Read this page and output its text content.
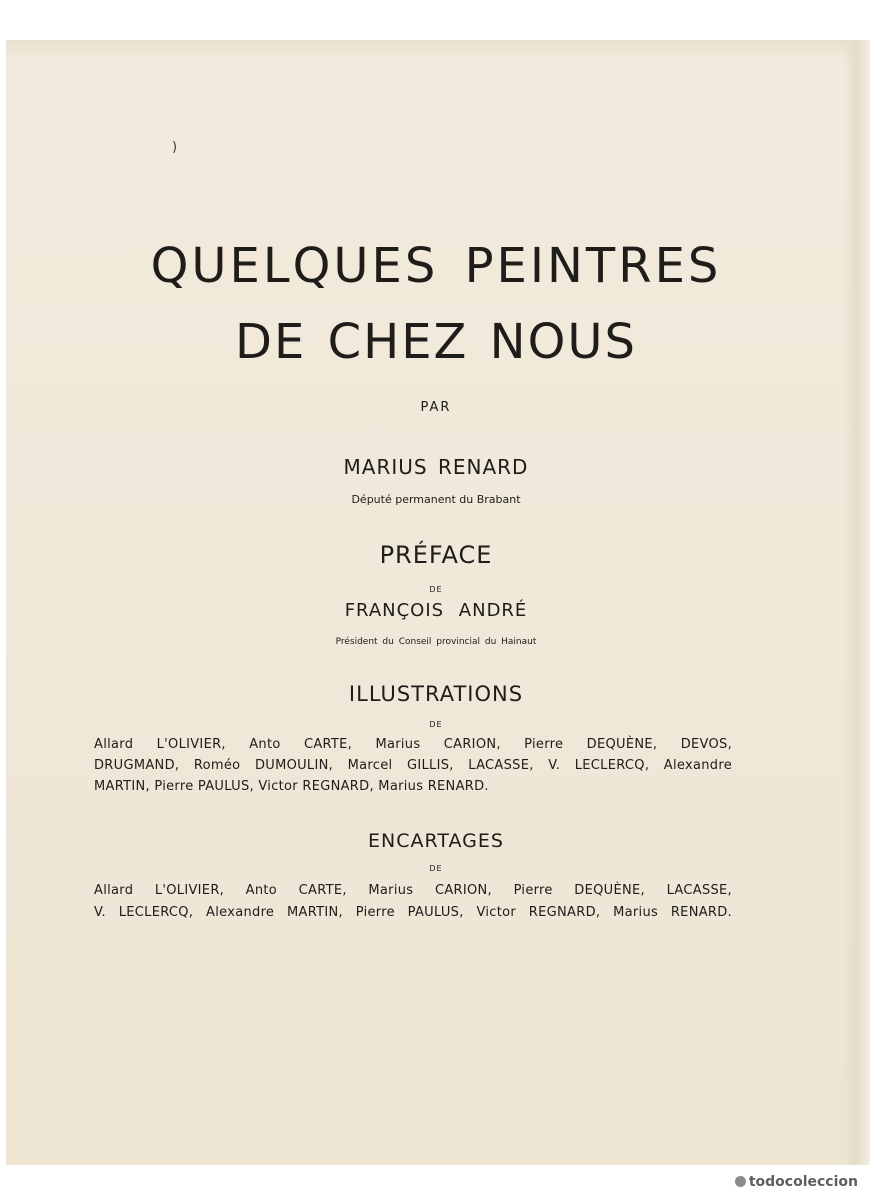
)
QUELQUES PEINTRES
DE CHEZ NOUS
PAR
MARIUS RENARD
Député permanent du Brabant
PRÉFACE
DE
FRANÇOIS ANDRÉ
Président du Conseil provincial du Hainaut
ILLUSTRATIONS
DE
Allard L'OLIVIER, Anto CARTE, Marius CARION, Pierre DEQUÈNE, DEVOS,
DRUGMAND, Roméo DUMOULIN, Marcel GILLIS, LACASSE, V. LECLERCQ, Alexandre
MARTIN, Pierre PAULUS, Victor REGNARD, Marius RENARD.
ENCARTAGES
DE
Allard L'OLIVIER, Anto CARTE, Marius CARION, Pierre DEQUÈNE, LACASSE,
V. LECLERCQ, Alexandre MARTIN, Pierre PAULUS, Victor REGNARD, Marius RENARD.
todocoleccion
